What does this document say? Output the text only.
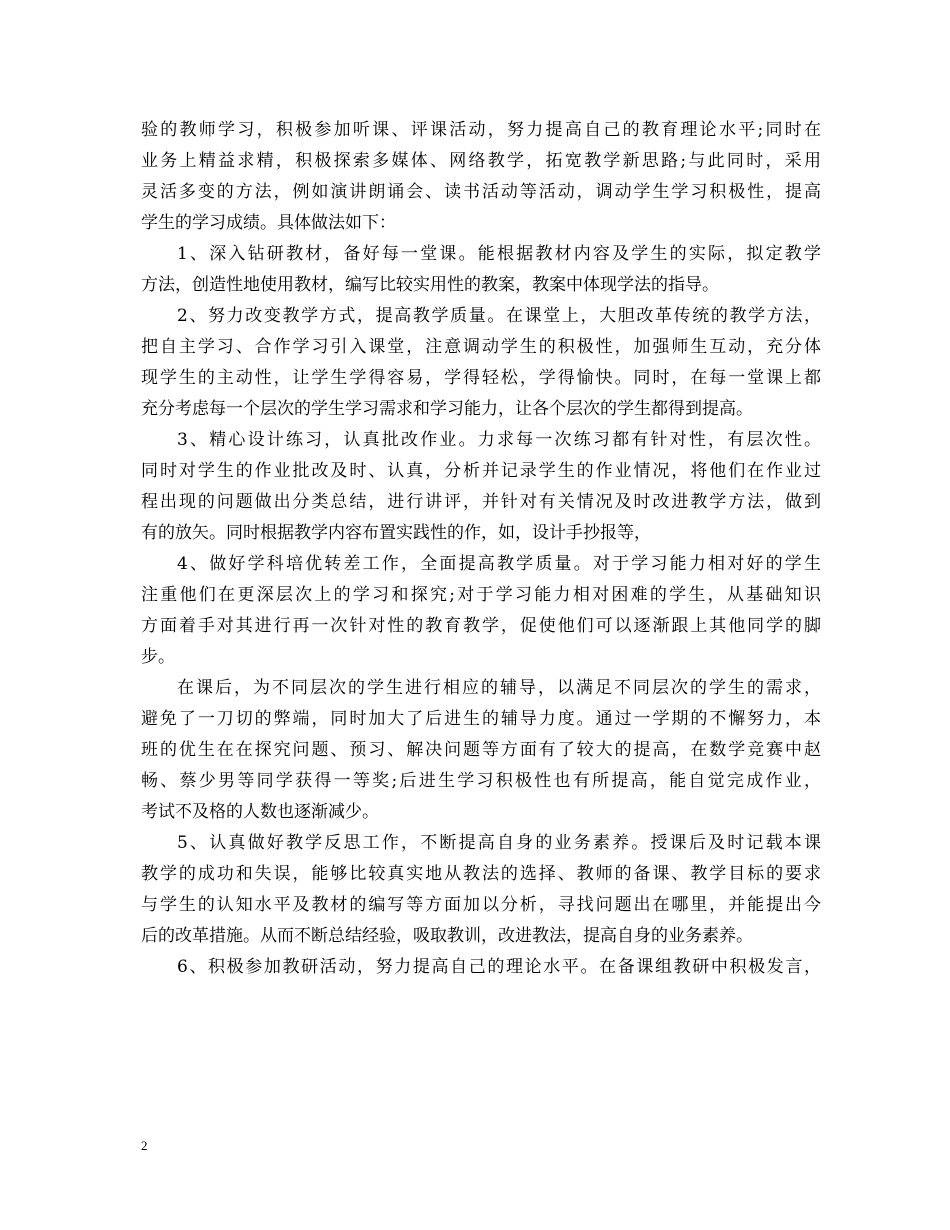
验的教师学习，积极参加听课、评课活动，努力提高自己的教育理论水平;同时在
业务上精益求精，积极探索多媒体、网络教学，拓宽教学新思路;与此同时，采用
灵活多变的方法，例如演讲朗诵会、读书活动等活动，调动学生学习积极性，提高
学生的学习成绩。具体做法如下：
1、深入钻研教材，备好每一堂课。能根据教材内容及学生的实际，拟定教学
方法，创造性地使用教材，编写比较实用性的教案，教案中体现学法的指导。
2、努力改变教学方式，提高教学质量。在课堂上，大胆改革传统的教学方法，
把自主学习、合作学习引入课堂，注意调动学生的积极性，加强师生互动，充分体
现学生的主动性，让学生学得容易，学得轻松，学得愉快。同时，在每一堂课上都
充分考虑每一个层次的学生学习需求和学习能力，让各个层次的学生都得到提高。
3、精心设计练习，认真批改作业。力求每一次练习都有针对性，有层次性。
同时对学生的作业批改及时、认真，分析并记录学生的作业情况，将他们在作业过
程出现的问题做出分类总结，进行讲评，并针对有关情况及时改进教学方法，做到
有的放矢。同时根据教学内容布置实践性的作，如，设计手抄报等，
4、做好学科培优转差工作，全面提高教学质量。对于学习能力相对好的学生
注重他们在更深层次上的学习和探究;对于学习能力相对困难的学生，从基础知识
方面着手对其进行再一次针对性的教育教学，促使他们可以逐渐跟上其他同学的脚
步。
在课后，为不同层次的学生进行相应的辅导，以满足不同层次的学生的需求，
避免了一刀切的弊端，同时加大了后进生的辅导力度。通过一学期的不懈努力，本
班的优生在在探究问题、预习、解决问题等方面有了较大的提高，在数学竞赛中赵
畅、蔡少男等同学获得一等奖;后进生学习积极性也有所提高，能自觉完成作业，
考试不及格的人数也逐渐减少。
5、认真做好教学反思工作，不断提高自身的业务素养。授课后及时记载本课
教学的成功和失误，能够比较真实地从教法的选择、教师的备课、教学目标的要求
与学生的认知水平及教材的编写等方面加以分析，寻找问题出在哪里，并能提出今
后的改革措施。从而不断总结经验，吸取教训，改进教法，提高自身的业务素养。
6、积极参加教研活动，努力提高自己的理论水平。在备课组教研中积极发言，
2
